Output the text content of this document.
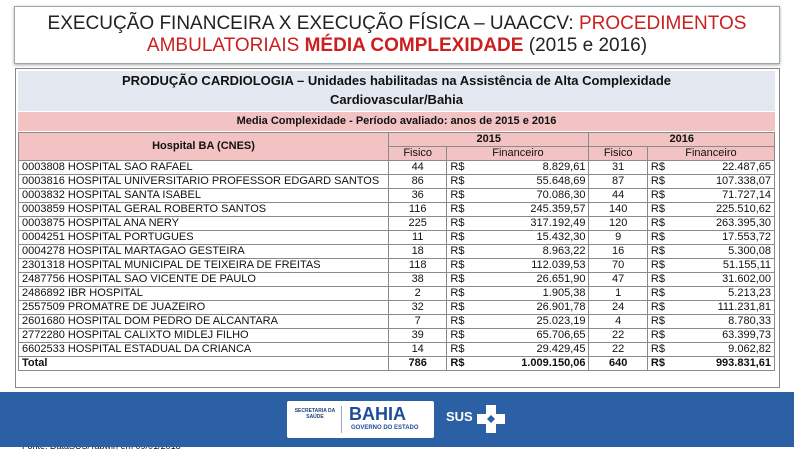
EXECUÇÃO FINANCEIRA X EXECUÇÃO FÍSICA – UAACCV: PROCEDIMENTOS
AMBULATORIAIS MÉDIA COMPLEXIDADE (2015 e 2016)
PRODUÇÃO CARDIOLOGIA – Unidades habilitadas na Assistência de Alta Complexidade
Cardiovascular/Bahia
Media Complexidade - Período avaliado: anos de 2015 e 2016
Hospital BA (CNES)	2015			2016		
	Fisico	Financeiro		Fisico	Financeiro	
0003808 HOSPITAL SAO RAFAEL	44	R$	8.829,61	31	R$	22.487,65
0003816 HOSPITAL UNIVERSITARIO PROFESSOR EDGARD SANTOS	86	R$	55.648,69	87	R$	107.338,07
0003832 HOSPITAL SANTA ISABEL	36	R$	70.086,30	44	R$	71.727,14
0003859 HOSPITAL GERAL ROBERTO SANTOS	116	R$	245.359,57	140	R$	225.510,62
0003875 HOSPITAL ANA NERY	225	R$	317.192,49	120	R$	263.395,30
0004251 HOSPITAL PORTUGUES	11	R$	15.432,30	9	R$	17.553,72
0004278 HOSPITAL MARTAGAO GESTEIRA	18	R$	8.963,22	16	R$	5.300,08
2301318 HOSPITAL MUNICIPAL DE TEIXEIRA DE FREITAS	118	R$	112.039,53	70	R$	51.155,11
2487756 HOSPITAL SAO VICENTE DE PAULO	38	R$	26.651,90	47	R$	31.602,00
2486892 IBR HOSPITAL	2	R$	1.905,38	1	R$	5.213,23
2557509 PROMATRE DE JUAZEIRO	32	R$	26.901,78	24	R$	111.231,81
2601680 HOSPITAL DOM PEDRO DE ALCANTARA	7	R$	25.023,19	4	R$	8.780,33
2772280 HOSPITAL CALIXTO MIDLEJ FILHO	39	R$	65.706,65	22	R$	63.399,73
6602533 HOSPITAL ESTADUAL DA CRIANCA	14	R$	29.429,45	22	R$	9.062,82
Total	786	R$	1.009.150,06	640	R$	993.831,61
SECRETARIA DA
SAÚDE	BAHIA
GOVERNO DO ESTADO
SUS
